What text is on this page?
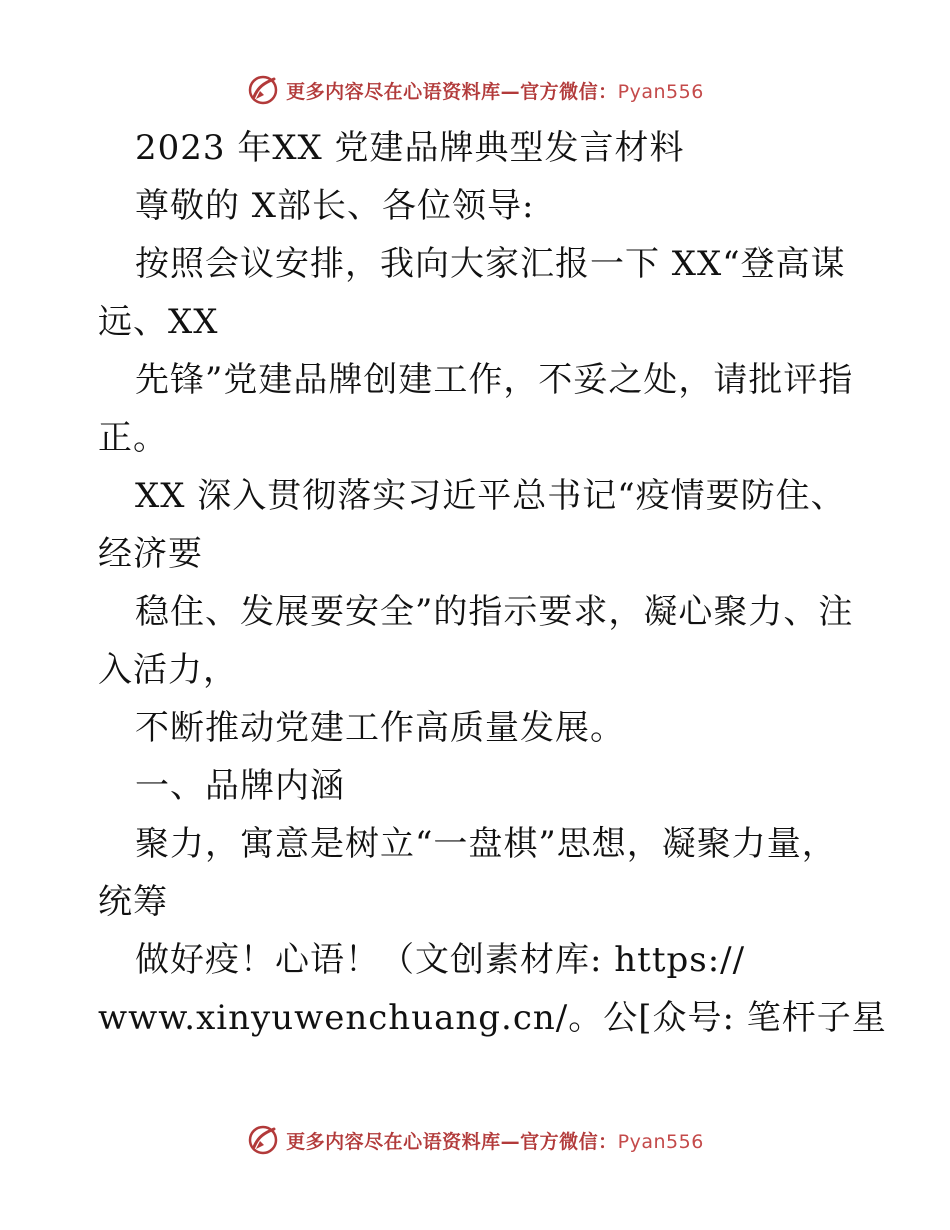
更多内容尽在心语资料库—官方微信：Pyan556
2023 年XX 党建品牌典型发言材料
尊敬的 X部长、各位领导:
按照会议安排，我向大家汇报一下 XX“登高谋
远、XX
先锋”党建品牌创建工作，不妥之处，请批评指
正。
XX 深入贯彻落实习近平总书记“疫情要防住、
经济要
稳住、发展要安全”的指示要求，凝心聚力、注
入活力，
不断推动党建工作高质量发展。
一、品牌内涵
聚力，寓意是树立“一盘棋”思想，凝聚力量，
统筹
做好疫！心语！（文创素材库: https://
www.xinyuwenchuang.cn/。公[众号: 笔杆子星
更多内容尽在心语资料库—官方微信：Pyan556
